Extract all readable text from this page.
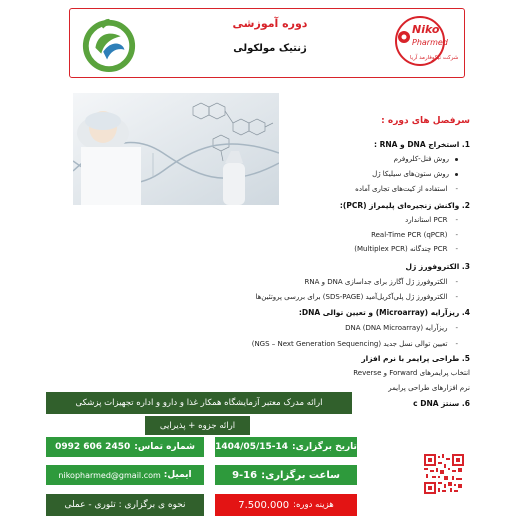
دوره آموزشی
ژنتیک مولکولی
Niko
Pharmed
شرکت نیکوفارمد آریا
سرفصل های دوره :
1. استخراج DNA و RNA :
روش فنل-کلروفرم
روش ستون‌های سیلیکا ژل
-استفاده از کیت‌های تجاری آماده
2. واکنش زنجیره‌ای پلیمراز (PCR):
-PCR استاندارد
-Real-Time PCR (qPCR)
-PCR چندگانه (Multiplex PCR)
3. الکتروفورز ژل
-الکتروفورز ژل آگارز برای جداسازی DNA و RNA
-الکتروفورز ژل پلی‌آکریل‌آمید (SDS-PAGE) برای بررسی پروتئین‌ها
4. ریزآرایه (Microarray) و تعیین توالی DNA:
-ریزآرایه DNA (DNA Microarray)
-تعیین توالی نسل جدید (NGS – Next Generation Sequencing)
5. طراحی پرایمر با نرم افزار
انتخاب پرایمرهای Forward و Reverse
نرم افزارهای طراحی پرایمر
6. سنتز c DNA
ارائه مدرک معتبر آزمایشگاه همکار غذا و دارو و اداره تجهیزات پزشکی
ارائه جزوه + پذیرایی
شماره تماس:
0992 606 2450	تاریخ برگزاری:
1404/05/15-14
ایمیل:
nikopharmed@gmail.com	ساعت برگزاری:
9-16
نحوه ی برگزاری : تئوری - عملی	هزینه دوره:
7.500.000
